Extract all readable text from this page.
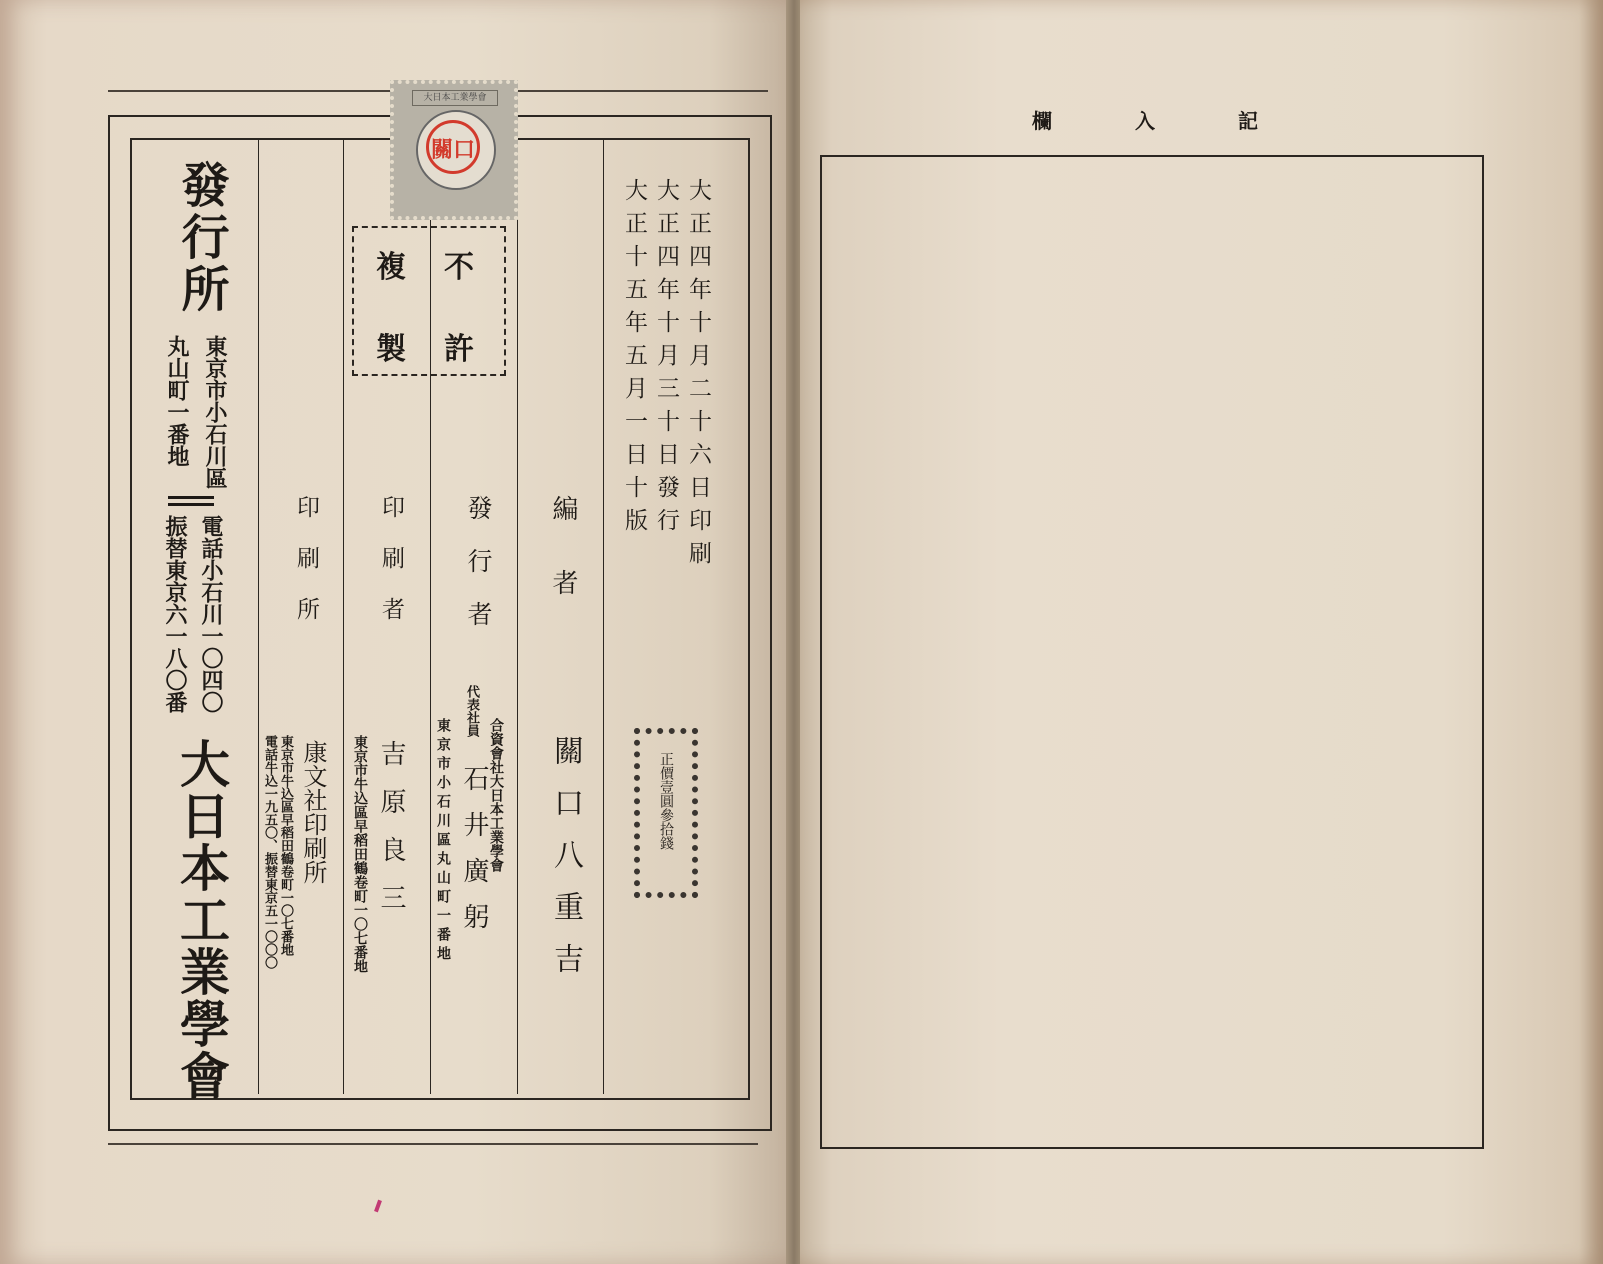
發行所
東京市小石川區
丸山町一番地
電話小石川一〇四〇
振替東京六一八〇番
大日本工業學會
印刷所
康文社印刷所
東京市牛込區早稻田鶴卷町一〇七番地
電話牛込一九五〇、振替東京五一〇〇〇
印刷者
吉原良三
東京市牛込區早稻田鶴卷町一〇七番地
發行者
合資會社大日本工業學會
代表社員
石井廣躬
東京市小石川區丸山町一番地
編者
關口八重吉
大正四年十月二十六日印刷
大正四年十月三十日發行
大正十五年五月一日十版
正價壹圓參拾錢
大日本工業學會
關口
不
許
複
製
記
入
欄
